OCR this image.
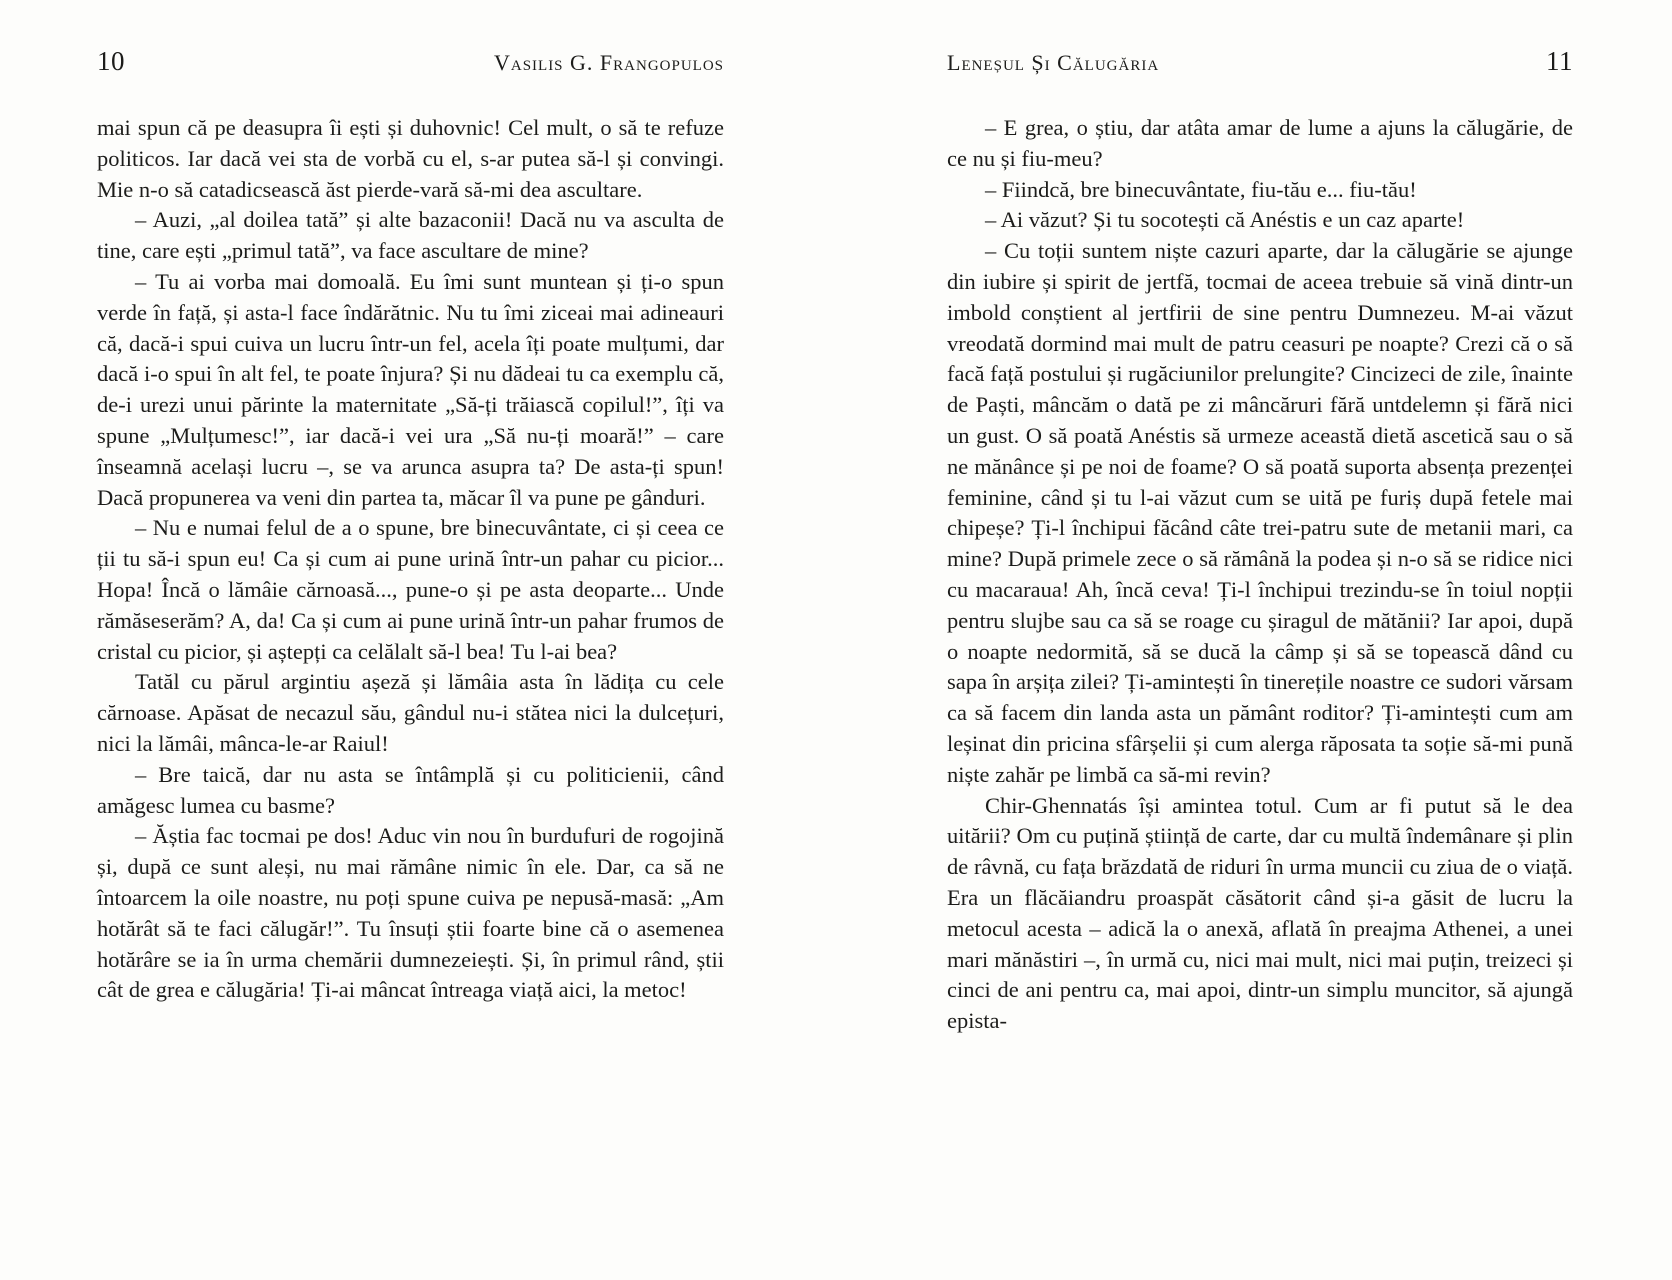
10	Vasilis G. Frangopulos

mai spun că pe deasupra îi ești și duhovnic! Cel mult, o să te refuze politicos. Iar dacă vei sta de vorbă cu el, s-ar putea să-l și convingi. Mie n-o să catadicsească ăst pierde-vară să-mi dea ascultare.

– Auzi, „al doilea tată” și alte bazaconii! Dacă nu va asculta de tine, care ești „primul tată”, va face ascultare de mine?

– Tu ai vorba mai domoală. Eu îmi sunt muntean și ți-o spun verde în față, și asta-l face îndărătnic. Nu tu îmi ziceai mai adineauri că, dacă-i spui cuiva un lucru într-un fel, acela îți poate mulțumi, dar dacă i-o spui în alt fel, te poate înjura? Și nu dădeai tu ca exemplu că, de-i urezi unui părinte la maternitate „Să-ți trăiască copilul!”, îți va spune „Mulțumesc!”, iar dacă-i vei ura „Să nu-ți moară!” – care înseamnă același lucru –, se va arunca asupra ta? De asta-ți spun! Dacă propunerea va veni din partea ta, măcar îl va pune pe gânduri.

– Nu e numai felul de a o spune, bre binecuvântate, ci și ceea ce ții tu să-i spun eu! Ca și cum ai pune urină într-un pahar cu picior... Hopa! Încă o lămâie cărnoasă..., pune-o și pe asta deoparte... Unde rămăseserăm? A, da! Ca și cum ai pune urină într-un pahar frumos de cristal cu picior, și aștepți ca celălalt să-l bea! Tu l-ai bea?

Tatăl cu părul argintiu așeză și lămâia asta în lădița cu cele cărnoase. Apăsat de necazul său, gândul nu-i stătea nici la dulcețuri, nici la lămâi, mânca-le-ar Raiul!

– Bre taică, dar nu asta se întâmplă și cu politicienii, când amăgesc lumea cu basme?

– Ăștia fac tocmai pe dos! Aduc vin nou în burdufuri de rogojină și, după ce sunt aleși, nu mai rămâne nimic în ele. Dar, ca să ne întoarcem la oile noastre, nu poți spune cuiva pe nepusă-masă: „Am hotărât să te faci călugăr!”. Tu însuți știi foarte bine că o asemenea hotărâre se ia în urma chemării dumnezeiești. Și, în primul rând, știi cât de grea e călugăria! Ți-ai mâncat întreaga viață aici, la metoc!

Leneșul Și Călugăria	11

– E grea, o știu, dar atâta amar de lume a ajuns la călugărie, de ce nu și fiu-meu?

– Fiindcă, bre binecuvântate, fiu-tău e... fiu-tău!

– Ai văzut? Și tu socotești că Anéstis e un caz aparte!

– Cu toții suntem niște cazuri aparte, dar la călugărie se ajunge din iubire și spirit de jertfă, tocmai de aceea trebuie să vină dintr-un imbold conștient al jertfirii de sine pentru Dumnezeu. M-ai văzut vreodată dormind mai mult de patru ceasuri pe noapte? Crezi că o să facă față postului și rugăciunilor prelungite? Cincizeci de zile, înainte de Paști, mâncăm o dată pe zi mâncăruri fără untdelemn și fără nici un gust. O să poată Anéstis să urmeze această dietă ascetică sau o să ne mănânce și pe noi de foame? O să poată suporta absența prezenței feminine, când și tu l-ai văzut cum se uită pe furiș după fetele mai chipeșe? Ți-l închipui făcând câte trei-patru sute de metanii mari, ca mine? După primele zece o să rămână la podea și n-o să se ridice nici cu macaraua! Ah, încă ceva! Ți-l închipui trezindu-se în toiul nopții pentru slujbe sau ca să se roage cu șiragul de mătănii? Iar apoi, după o noapte nedormită, să se ducă la câmp și să se topească dând cu sapa în arșița zilei? Ți-amintești în tinerețile noastre ce sudori vărsam ca să facem din landa asta un pământ roditor? Ți-amintești cum am leșinat din pricina sfârșelii și cum alerga răposata ta soție să-mi pună niște zahăr pe limbă ca să-mi revin?

Chir-Ghennatás își amintea totul. Cum ar fi putut să le dea uitării? Om cu puțină știință de carte, dar cu multă îndemânare și plin de râvnă, cu fața brăzdată de riduri în urma muncii cu ziua de o viață. Era un flăcăiandru proaspăt căsătorit când și-a găsit de lucru la metocul acesta – adică la o anexă, aflată în preajma Athenei, a unei mari mănăstiri –, în urmă cu, nici mai mult, nici mai puțin, treizeci și cinci de ani pentru ca, mai apoi, dintr-un simplu muncitor, să ajungă epista-
